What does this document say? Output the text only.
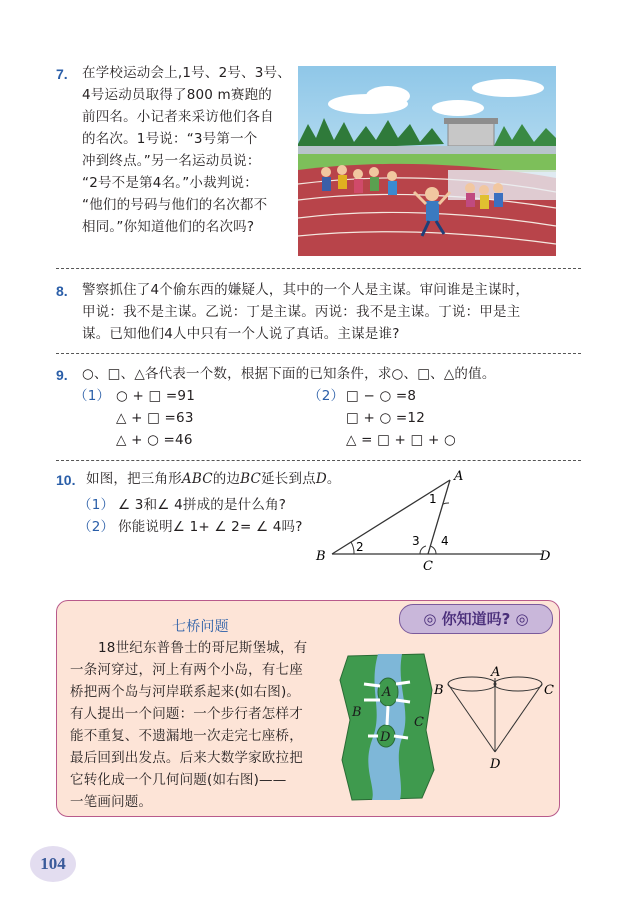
7. 在学校运动会上,1号、2号、3号、
4号运动员取得了800 m赛跑的
前四名。小记者来采访他们各自
的名次。1号说：“3号第一个
冲到终点。”另一名运动员说：
“2号不是第4名。”小裁判说：
“他们的号码与他们的名次都不
相同。”你知道他们的名次吗?
8. 警察抓住了4个偷东西的嫌疑人，其中的一个人是主谋。审问谁是主谋时，
甲说：我不是主谋。乙说：丁是主谋。丙说：我不是主谋。丁说：甲是主
谋。已知他们4人中只有一个人说了真话。主谋是谁?
9. ○、□、△各代表一个数，根据下面的已知条件，求○、□、△的值。
（1） ○ + □ =91
△ + □ =63
△ + ○ =46
（2） □ − ○ =8
□ + ○ =12
△ = □ + □ + ○
10. 如图，把三角形ABC的边BC延长到点D。
（1） ∠ 3和∠ 4拼成的是什么角?
（2） 你能说明∠ 1+ ∠ 2= ∠ 4吗?
A
B
C
D
1
2	3 4
◎ 你知道吗? ◎
七桥问题
18世纪东普鲁士的哥尼斯堡城，有
一条河穿过，河上有两个小岛，有七座
桥把两个岛与河岸联系起来(如右图)。
有人提出一个问题：一个步行者怎样才
能不重复、不遗漏地一次走完七座桥，
最后回到出发点。后来大数学家欧拉把
它转化成一个几何问题(如右图)——
一笔画问题。
A
B
C
D
A
B	C
D
104
